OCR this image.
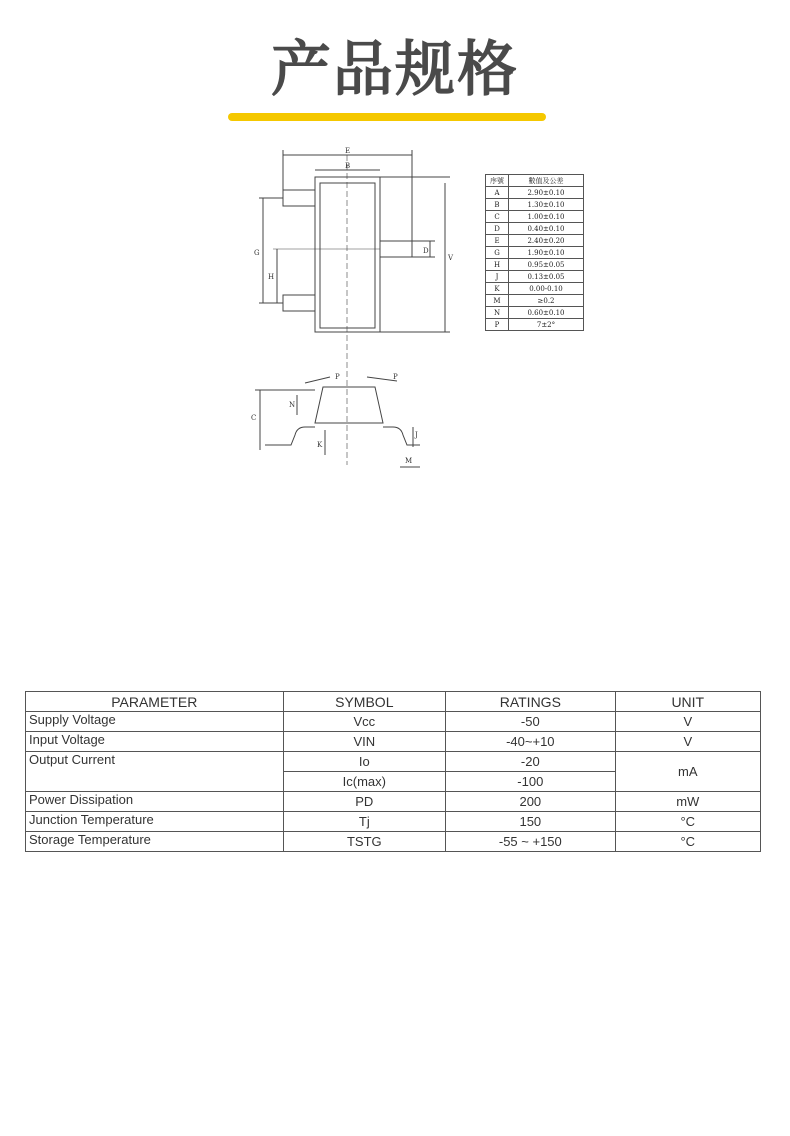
产品规格
E
B
G
H
D
V
P	P
C
N
K
J
M
序號	數值及公差
A	2.90±0.10
B	1.30±0.10
C	1.00±0.10
D	0.40±0.10
E	2.40±0.20
G	1.90±0.10
H	0.95±0.05
J	0.13±0.05
K	0.00-0.10
M	≥0.2
N	0.60±0.10
P	7±2°
PARAMETER	SYMBOL	RATINGS	UNIT
Supply Voltage	Vcc	-50	V
Input Voltage	VIN	-40~+10	V
Output Current	Io	-20	mA
	Ic(max)	-100	
Power Dissipation	PD	200	mW
Junction Temperature	Tj	150	°C
Storage Temperature	TSTG	-55 ~ +150	°C
